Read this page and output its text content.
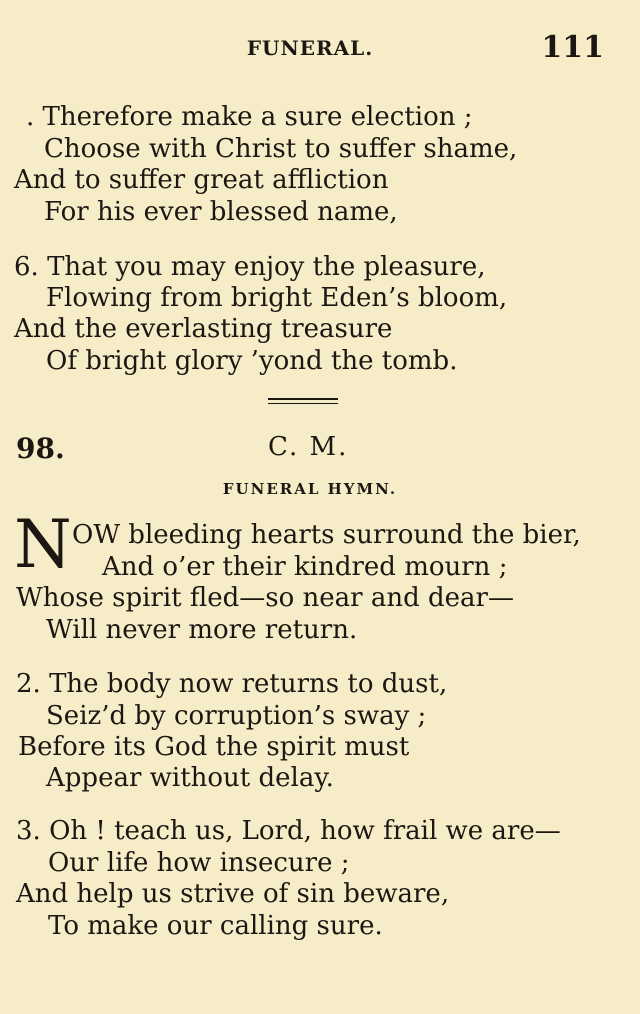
FUNERAL.	111
. Therefore make a sure election ;
Choose with Christ to suffer shame,
And to suffer great affliction
For his ever blessed name,
6. That you may enjoy the pleasure,
Flowing from bright Eden’s bloom,
And the everlasting treasure
Of bright glory ’yond the tomb.
98.	C. M.
FUNERAL HYMN.
N OW bleeding hearts surround the bier,
And o’er their kindred mourn ;
Whose spirit fled—so near and dear—
Will never more return.
2. The body now returns to dust,
Seiz’d by corruption’s sway ;
Before its God the spirit must
Appear without delay.
3. Oh ! teach us, Lord, how frail we are—
Our life how insecure ;
And help us strive of sin beware,
To make our calling sure.
